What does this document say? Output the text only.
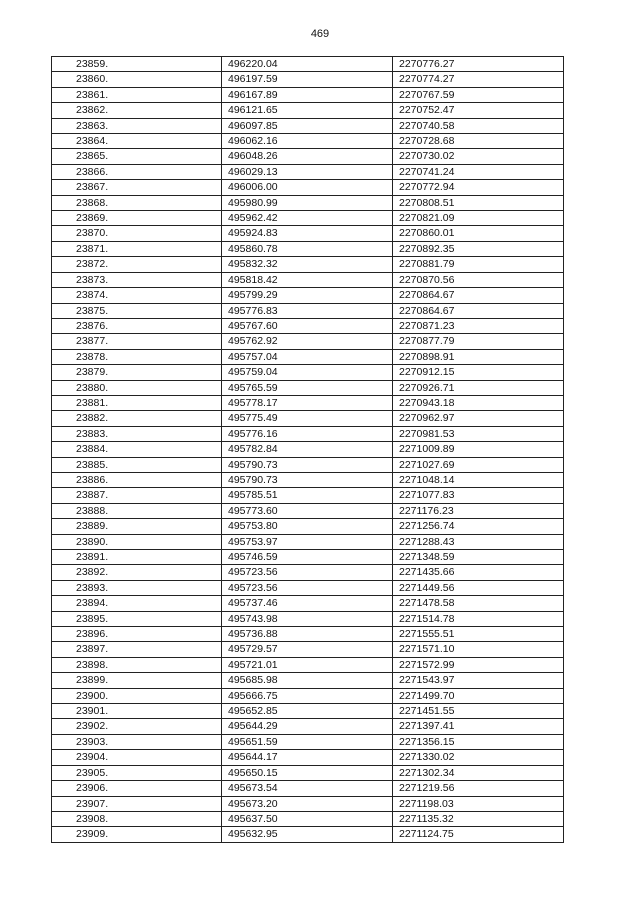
469
23859.	496220.04	2270776.27
23860.	496197.59	2270774.27
23861.	496167.89	2270767.59
23862.	496121.65	2270752.47
23863.	496097.85	2270740.58
23864.	496062.16	2270728.68
23865.	496048.26	2270730.02
23866.	496029.13	2270741.24
23867.	496006.00	2270772.94
23868.	495980.99	2270808.51
23869.	495962.42	2270821.09
23870.	495924.83	2270860.01
23871.	495860.78	2270892.35
23872.	495832.32	2270881.79
23873.	495818.42	2270870.56
23874.	495799.29	2270864.67
23875.	495776.83	2270864.67
23876.	495767.60	2270871.23
23877.	495762.92	2270877.79
23878.	495757.04	2270898.91
23879.	495759.04	2270912.15
23880.	495765.59	2270926.71
23881.	495778.17	2270943.18
23882.	495775.49	2270962.97
23883.	495776.16	2270981.53
23884.	495782.84	2271009.89
23885.	495790.73	2271027.69
23886.	495790.73	2271048.14
23887.	495785.51	2271077.83
23888.	495773.60	2271176.23
23889.	495753.80	2271256.74
23890.	495753.97	2271288.43
23891.	495746.59	2271348.59
23892.	495723.56	2271435.66
23893.	495723.56	2271449.56
23894.	495737.46	2271478.58
23895.	495743.98	2271514.78
23896.	495736.88	2271555.51
23897.	495729.57	2271571.10
23898.	495721.01	2271572.99
23899.	495685.98	2271543.97
23900.	495666.75	2271499.70
23901.	495652.85	2271451.55
23902.	495644.29	2271397.41
23903.	495651.59	2271356.15
23904.	495644.17	2271330.02
23905.	495650.15	2271302.34
23906.	495673.54	2271219.56
23907.	495673.20	2271198.03
23908.	495637.50	2271135.32
23909.	495632.95	2271124.75
